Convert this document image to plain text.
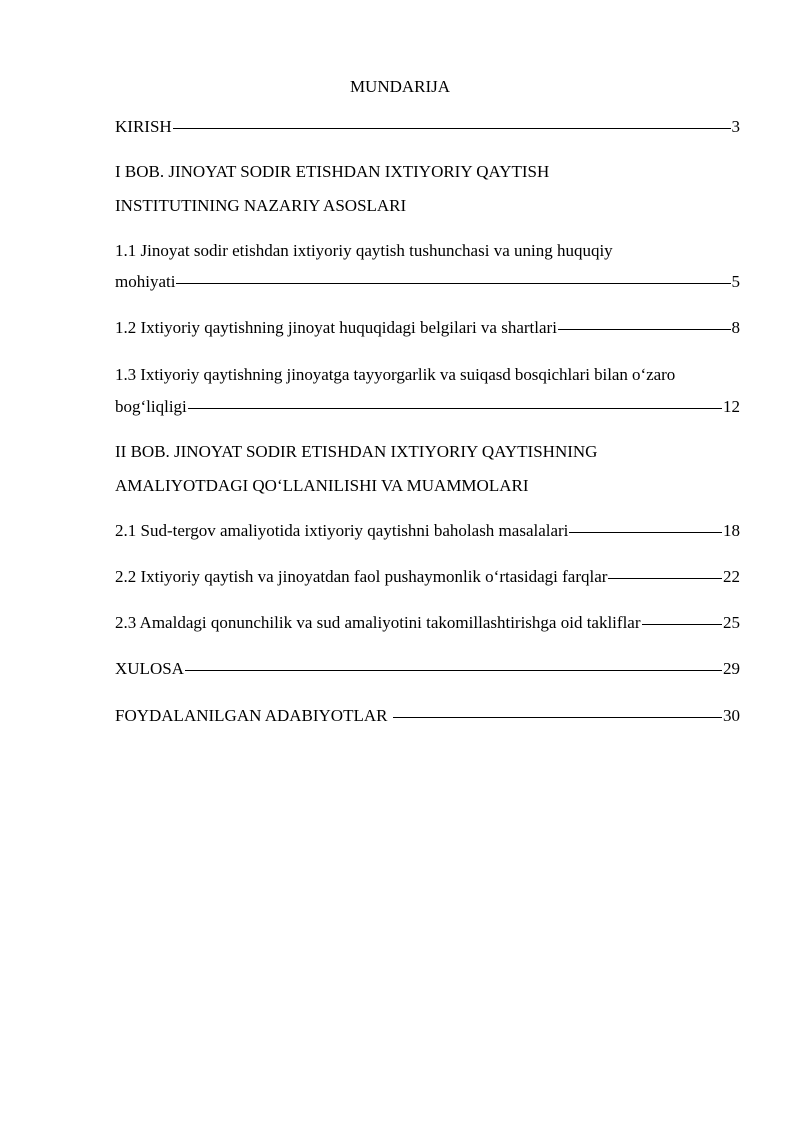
MUNDARIJA
KIRISH	3
I BOB. JINOYAT SODIR ETISHDAN IXTIYORIY QAYTISH
INSTITUTINING NAZARIY ASOSLARI
1.1 Jinoyat sodir etishdan ixtiyoriy qaytish tushunchasi va uning huquqiy
mohiyati	5
1.2 Ixtiyoriy qaytishning jinoyat huquqidagi belgilari va shartlari	8
1.3 Ixtiyoriy qaytishning jinoyatga tayyorgarlik va suiqasd bosqichlari bilan o‘zaro
bog‘liqligi	12
II BOB. JINOYAT SODIR ETISHDAN IXTIYORIY QAYTISHNING
AMALIYOTDAGI QO‘LLANILISHI VA MUAMMOLARI
2.1 Sud-tergov amaliyotida ixtiyoriy qaytishni baholash masalalari	18
2.2 Ixtiyoriy qaytish va jinoyatdan faol pushaymonlik o‘rtasidagi farqlar	22
2.3 Amaldagi qonunchilik va sud amaliyotini takomillashtirishga oid takliflar	25
XULOSA	29
FOYDALANILGAN ADABIYOTLAR	30
